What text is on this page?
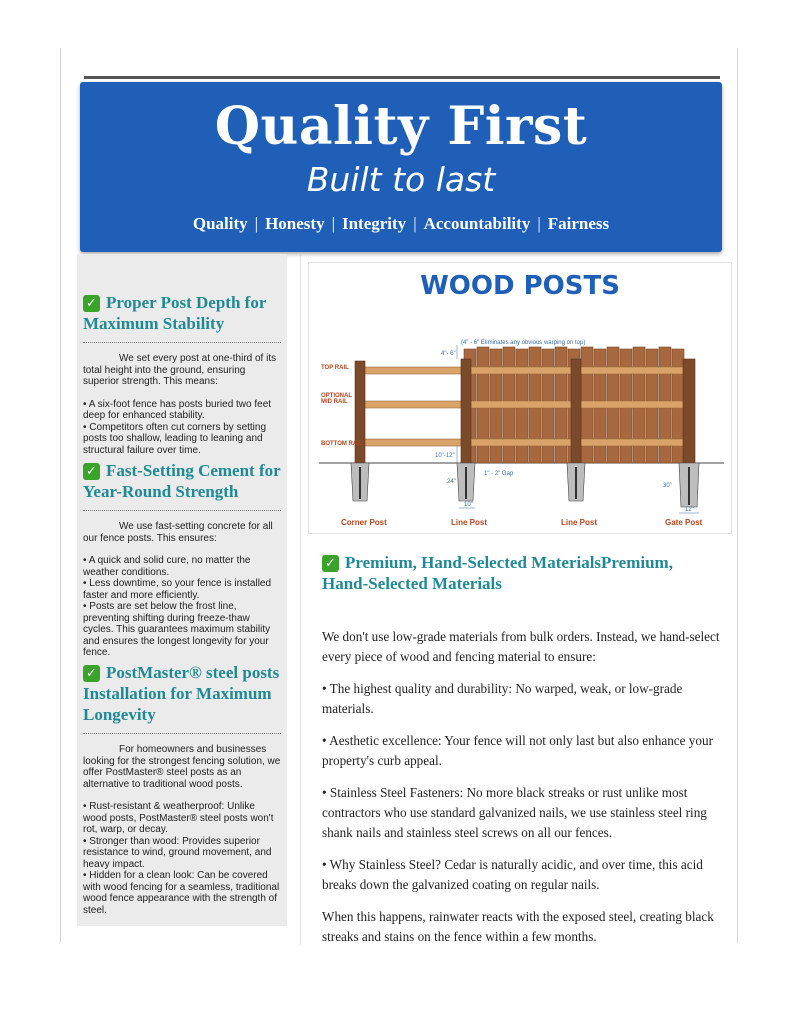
Quality First
Built to last
Quality | Honesty | Integrity | Accountability | Fairness
✓ Proper Post Depth for Maximum Stability

We set every post at one-third of its total height into the ground, ensuring superior strength. This means:

• A six-foot fence has posts buried two feet deep for enhanced stability.

• Competitors often cut corners by setting posts too shallow, leading to leaning and structural failure over time.

✓ Fast-Setting Cement for Year-Round Strength

We use fast-setting concrete for all our fence posts. This ensures:

• A quick and solid cure, no matter the weather conditions.

• Less downtime, so your fence is installed faster and more efficiently.

• Posts are set below the frost line, preventing shifting during freeze-thaw cycles. This guarantees maximum stability and ensures the longest longevity for your fence.

✓ PostMaster® steel posts Installation for Maximum Longevity

For homeowners and businesses looking for the strongest fencing solution, we offer PostMaster® steel posts as an alternative to traditional wood posts.

• Rust-resistant & weatherproof: Unlike wood posts, PostMaster® steel posts won't rot, warp, or decay.

• Stronger than wood: Provides superior resistance to wind, ground movement, and heavy impact.

• Hidden for a clean look: Can be covered with wood fencing for a seamless, traditional wood fence appearance with the strength of steel.

WOOD POSTS
(4" - 6" Eliminates any obvious warping on top)
4"- 6"
TOP RAIL
OPTIONAL MID RAIL
BOTTOM RAIL
10"-12"
1" - 2" Gap
24"
30"
10"
12"
Corner Post	Line Post	Line Post	Gate Post
✓ Premium, Hand-Selected MaterialsPremium, Hand-Selected Materials

We don't use low-grade materials from bulk orders. Instead, we hand-select every piece of wood and fencing material to ensure:

• The highest quality and durability: No warped, weak, or low-grade materials.

• Aesthetic excellence: Your fence will not only last but also enhance your property's curb appeal.

• Stainless Steel Fasteners: No more black streaks or rust unlike most contractors who use standard galvanized nails, we use stainless steel ring shank nails and stainless steel screws on all our fences.

• Why Stainless Steel? Cedar is naturally acidic, and over time, this acid breaks down the galvanized coating on regular nails.

When this happens, rainwater reacts with the exposed steel, creating black streaks and stains on the fence within a few months.
